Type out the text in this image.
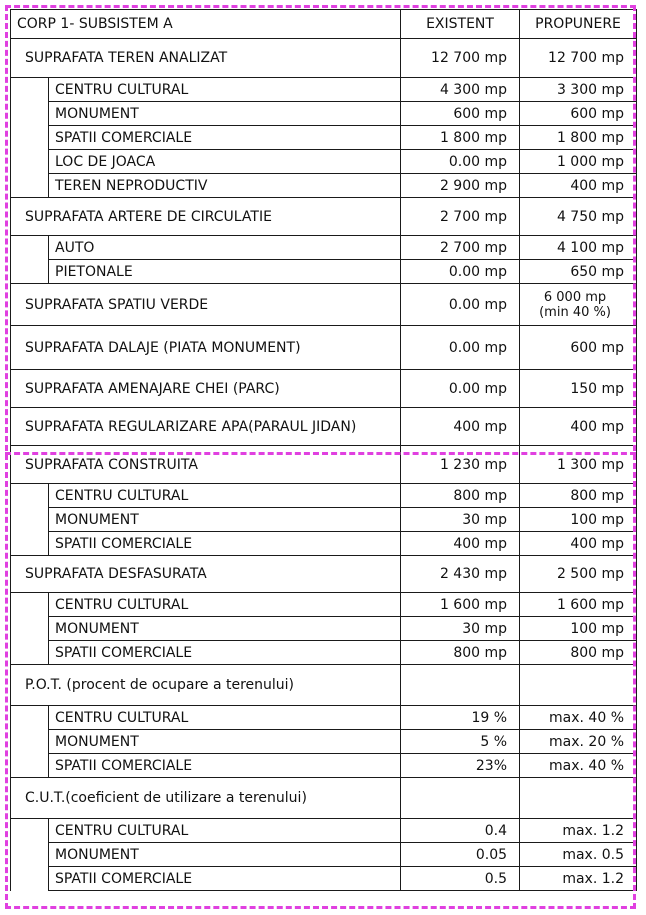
CORP 1- SUBSISTEM A		EXISTENT	PROPUNERE
SUPRAFATA TEREN ANALIZAT		12 700 mp	12 700 mp
	CENTRU CULTURAL	4 300 mp	3 300 mp
	MONUMENT	600 mp	600 mp
	SPATII COMERCIALE	1 800 mp	1 800 mp
	LOC DE JOACA	0.00 mp	1 000 mp
	TEREN NEPRODUCTIV	2 900 mp	400 mp
SUPRAFATA ARTERE DE CIRCULATIE		2 700 mp	4 750 mp
	AUTO	2 700 mp	4 100 mp
	PIETONALE	0.00 mp	650 mp
SUPRAFATA SPATIU VERDE		0.00 mp	6 000 mp
(min 40 %)

SUPRAFATA DALAJE (PIATA MONUMENT)		0.00 mp	600 mp
SUPRAFATA AMENAJARE CHEI (PARC)		0.00 mp	150 mp
SUPRAFATA REGULARIZARE APA(PARAUL JIDAN)		400 mp	400 mp
SUPRAFATA CONSTRUITA		1 230 mp	1 300 mp
	CENTRU CULTURAL	800 mp	800 mp
	MONUMENT	30 mp	100 mp
	SPATII COMERCIALE	400 mp	400 mp
SUPRAFATA DESFASURATA		2 430 mp	2 500 mp
	CENTRU CULTURAL	1 600 mp	1 600 mp
	MONUMENT	30 mp	100 mp
	SPATII COMERCIALE	800 mp	800 mp
P.O.T. (procent de ocupare a terenului)			
	CENTRU CULTURAL	19 %	max. 40 %
	MONUMENT	5 %	max. 20 %
	SPATII COMERCIALE	23%	max. 40 %
C.U.T.(coeficient de utilizare a terenului)			
	CENTRU CULTURAL	0.4	max. 1.2
	MONUMENT	0.05	max. 0.5
	SPATII COMERCIALE	0.5	max. 1.2
